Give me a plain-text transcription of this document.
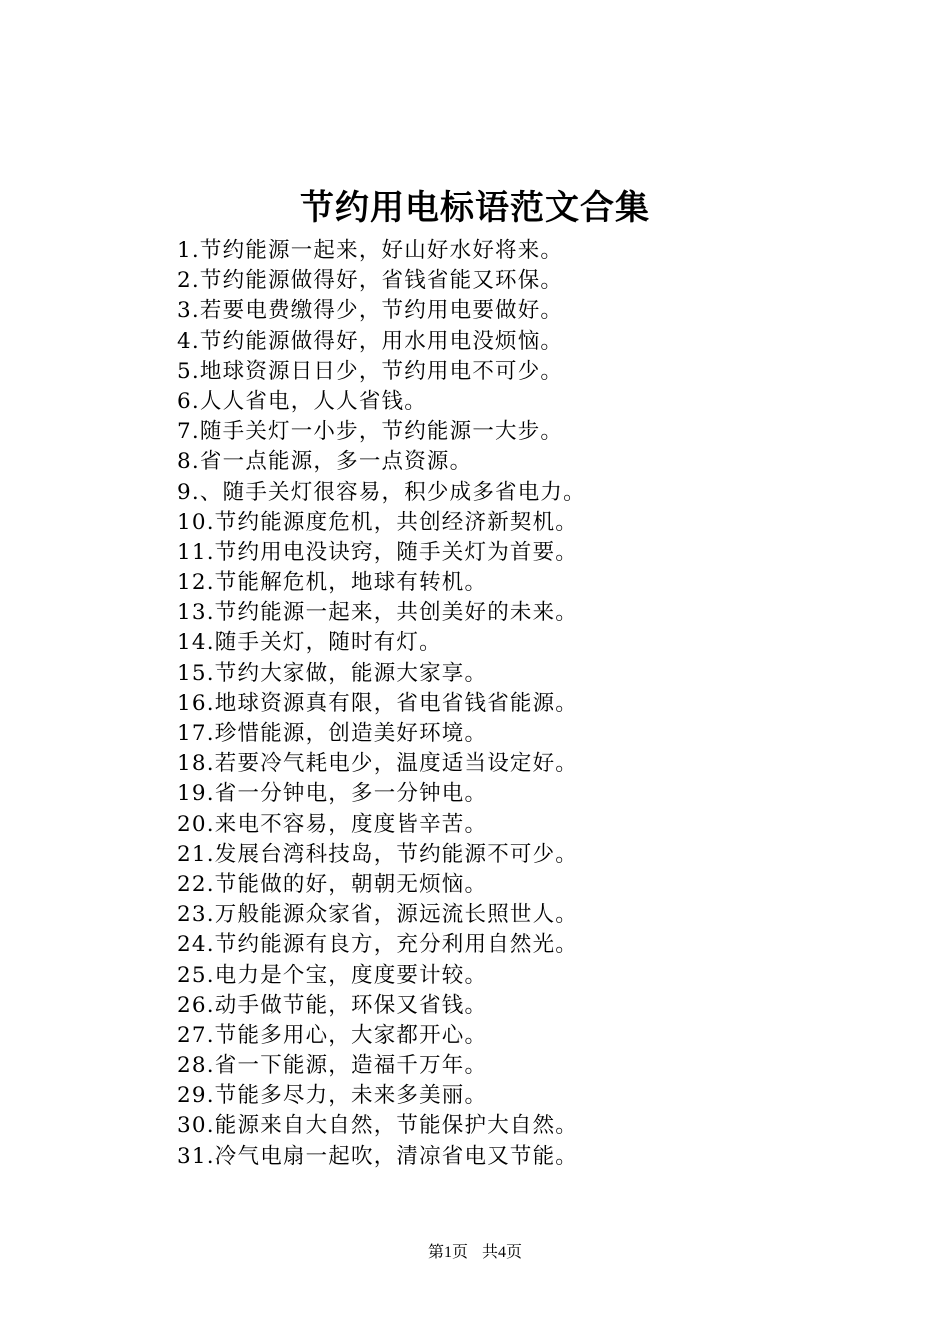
节约用电标语范文合集
1.节约能源一起来，好山好水好将来。
2.节约能源做得好，省钱省能又环保。
3.若要电费缴得少，节约用电要做好。
4.节约能源做得好，用水用电没烦恼。
5.地球资源日日少，节约用电不可少。
6.人人省电，人人省钱。
7.随手关灯一小步，节约能源一大步。
8.省一点能源，多一点资源。
9.、随手关灯很容易，积少成多省电力。
10.节约能源度危机，共创经济新契机。
11.节约用电没诀窍，随手关灯为首要。
12.节能解危机，地球有转机。
13.节约能源一起来，共创美好的未来。
14.随手关灯，随时有灯。
15.节约大家做，能源大家享。
16.地球资源真有限，省电省钱省能源。
17.珍惜能源，创造美好环境。
18.若要冷气耗电少，温度适当设定好。
19.省一分钟电，多一分钟电。
20.来电不容易，度度皆辛苦。
21.发展台湾科技岛，节约能源不可少。
22.节能做的好，朝朝无烦恼。
23.万般能源众家省，源远流长照世人。
24.节约能源有良方，充分利用自然光。
25.电力是个宝，度度要计较。
26.动手做节能，环保又省钱。
27.节能多用心，大家都开心。
28.省一下能源，造福千万年。
29.节能多尽力，未来多美丽。
30.能源来自大自然，节能保护大自然。
31.冷气电扇一起吹，清凉省电又节能。
第1页 共4页
